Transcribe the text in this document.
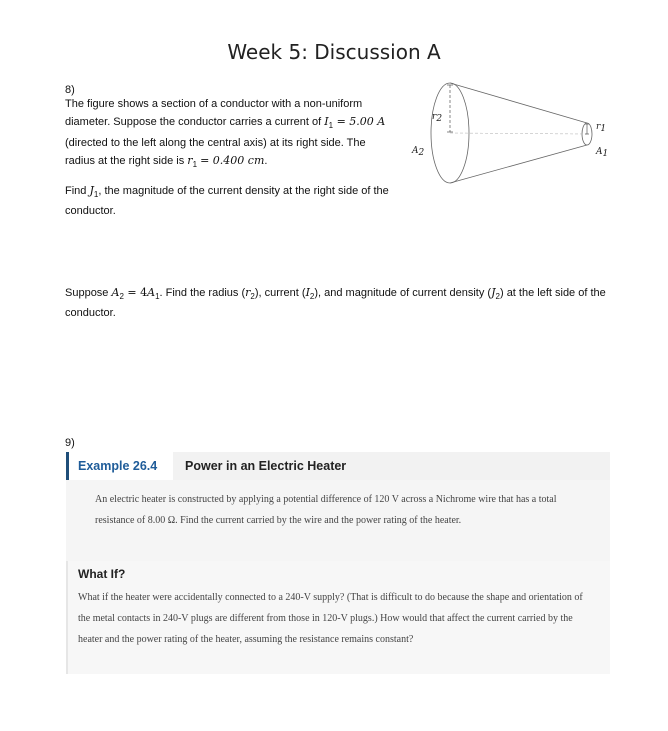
Week 5: Discussion A
8)
The figure shows a section of a conductor with a non-uniform diameter. Suppose the conductor carries a current of $I_1 = 5.00$ A (directed to the left along the central axis) at its right side. The radius at the right side is $r_1 = 0.400$ cm.
Find $J_1$, the magnitude of the current density at the right side of the conductor.
r2
A2
r1
A1
Suppose $A_2 = 4A_1$. Find the radius $(r_2)$, current $(I_2)$, and magnitude of current density $(J_2)$ at the left side of the conductor.
9)
Example 26.4	Power in an Electric Heater
An electric heater is constructed by applying a potential difference of 120 V across a Nichrome wire that has a total resistance of 8.00 Ω. Find the current carried by the wire and the power rating of the heater.
What If?
What if the heater were accidentally connected to a 240-V supply? (That is difficult to do because the shape and orientation of the metal contacts in 240-V plugs are different from those in 120-V plugs.) How would that affect the current carried by the heater and the power rating of the heater, assuming the resistance remains constant?
